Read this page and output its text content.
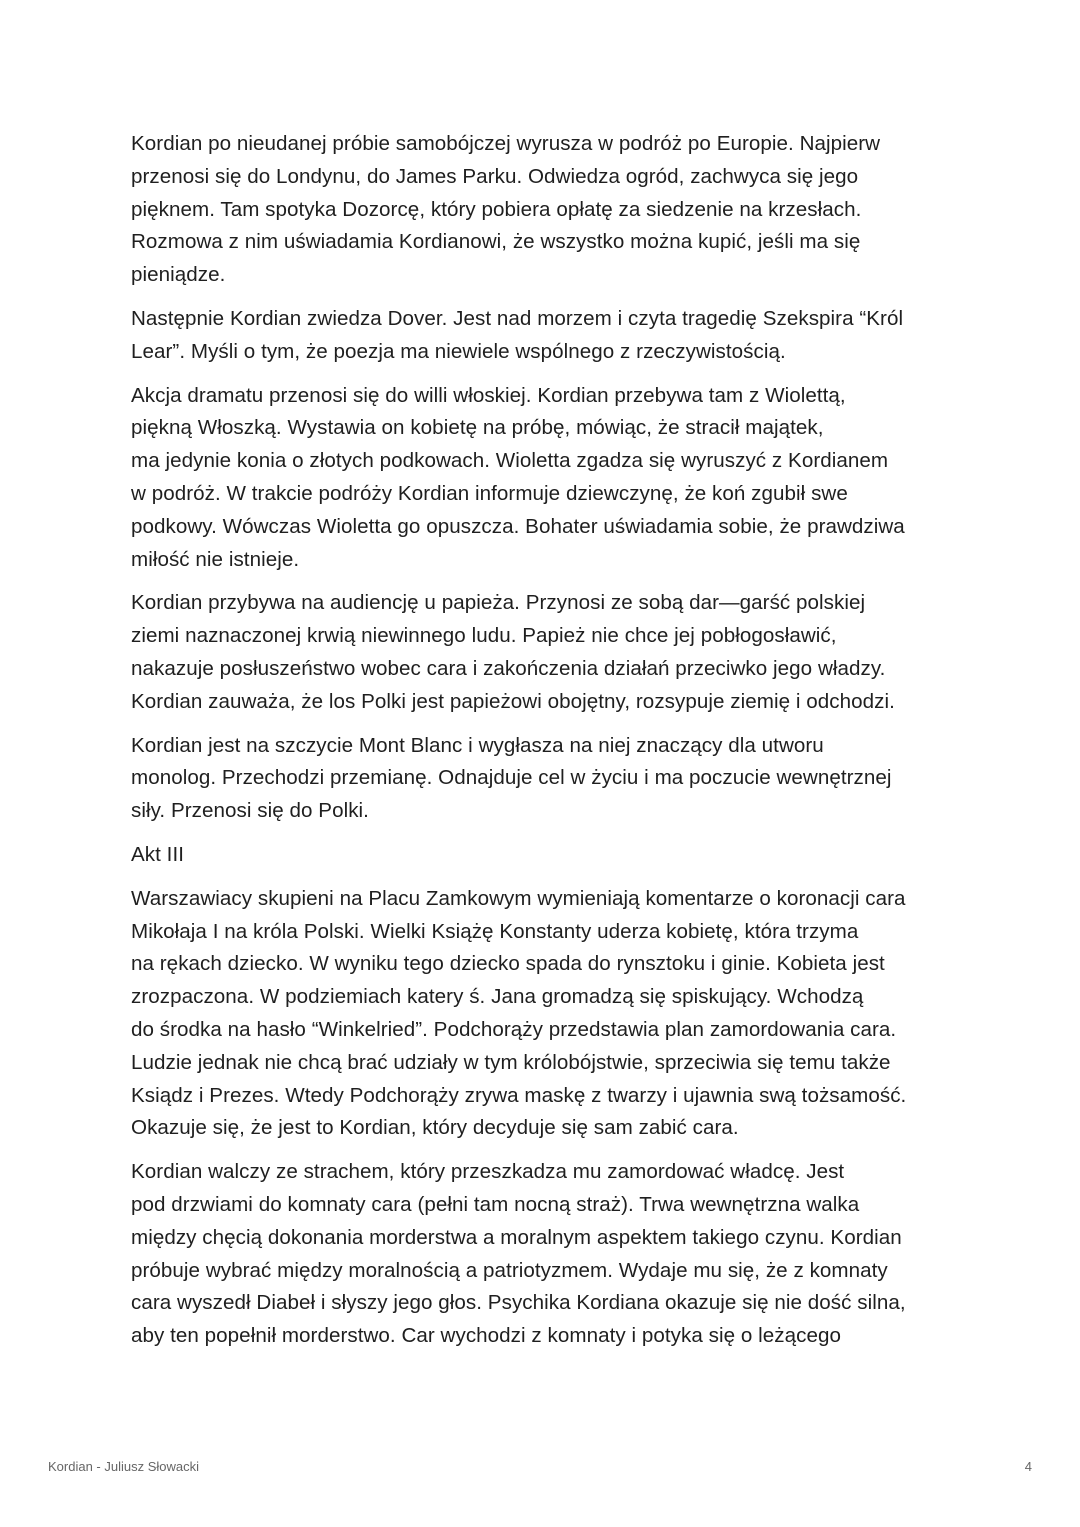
Kordian po nieudanej próbie samobójczej wyrusza w podróż po Europie. Najpierw
przenosi się do Londynu, do James Parku. Odwiedza ogród, zachwyca się jego
pięknem. Tam spotyka Dozorcę, który pobiera opłatę za siedzenie na krzesłach.
Rozmowa z nim uświadamia Kordianowi, że wszystko można kupić, jeśli ma się
pieniądze.

Następnie Kordian zwiedza Dover. Jest nad morzem i czyta tragedię Szekspira “Król
Lear”. Myśli o tym, że poezja ma niewiele wspólnego z rzeczywistością.

Akcja dramatu przenosi się do willi włoskiej. Kordian przebywa tam z Wiolettą,
piękną Włoszką. Wystawia on kobietę na próbę, mówiąc, że stracił majątek,
ma jedynie konia o złotych podkowach. Wioletta zgadza się wyruszyć z Kordianem
w podróż. W trakcie podróży Kordian informuje dziewczynę, że koń zgubił swe
podkowy. Wówczas Wioletta go opuszcza. Bohater uświadamia sobie, że prawdziwa
miłość nie istnieje.

Kordian przybywa na audiencję u papieża. Przynosi ze sobą dar—garść polskiej
ziemi naznaczonej krwią niewinnego ludu. Papież nie chce jej pobłogosławić,
nakazuje posłuszeństwo wobec cara i zakończenia działań przeciwko jego władzy.
Kordian zauważa, że los Polki jest papieżowi obojętny, rozsypuje ziemię i odchodzi.

Kordian jest na szczycie Mont Blanc i wygłasza na niej znaczący dla utworu
monolog. Przechodzi przemianę. Odnajduje cel w życiu i ma poczucie wewnętrznej
siły. Przenosi się do Polki.

Akt III

Warszawiacy skupieni na Placu Zamkowym wymieniają komentarze o koronacji cara
Mikołaja I na króla Polski. Wielki Książę Konstanty uderza kobietę, która trzyma
na rękach dziecko. W wyniku tego dziecko spada do rynsztoku i ginie. Kobieta jest
zrozpaczona. W podziemiach katery ś. Jana gromadzą się spiskujący. Wchodzą
do środka na hasło “Winkelried”. Podchorąży przedstawia plan zamordowania cara.
Ludzie jednak nie chcą brać udziały w tym królobójstwie, sprzeciwia się temu także
Ksiądz i Prezes. Wtedy Podchorąży zrywa maskę z twarzy i ujawnia swą tożsamość.
Okazuje się, że jest to Kordian, który decyduje się sam zabić cara.

Kordian walczy ze strachem, który przeszkadza mu zamordować władcę. Jest
pod drzwiami do komnaty cara (pełni tam nocną straż). Trwa wewnętrzna walka
między chęcią dokonania morderstwa a moralnym aspektem takiego czynu. Kordian
próbuje wybrać między moralnością a patriotyzmem. Wydaje mu się, że z komnaty
cara wyszedł Diabeł i słyszy jego głos. Psychika Kordiana okazuje się nie dość silna,
aby ten popełnił morderstwo. Car wychodzi z komnaty i potyka się o leżącego

Kordian - Juliusz Słowacki	4
